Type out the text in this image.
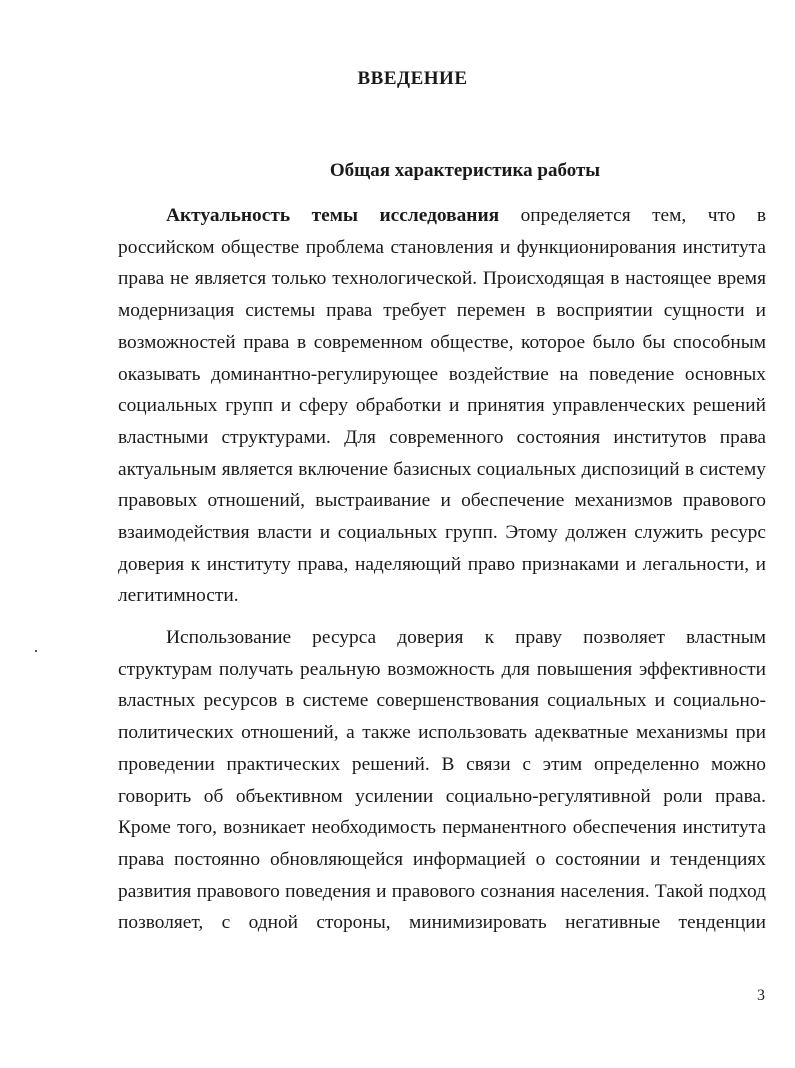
ВВЕДЕНИЕ
Общая характеристика работы
Актуальность темы исследования определяется тем, что в российском обществе проблема становления и функционирования института права не является только технологической. Происходящая в настоящее время модернизация системы права требует перемен в восприятии сущности и возможностей права в современном обществе, которое было бы способным оказывать доминантно-регулирующее воздействие на поведение основных социальных групп и сферу обработки и принятия управленческих решений властными структурами. Для современного состояния институтов права актуальным является включение базисных социальных диспозиций в систему правовых отношений, выстраивание и обеспечение механизмов правового взаимодействия власти и социальных групп. Этому должен служить ресурс доверия к институту права, наделяющий право признаками и легальности, и легитимности.
Использование ресурса доверия к праву позволяет властным структурам получать реальную возможность для повышения эффективности властных ресурсов в системе совершенствования социальных и социально-политических отношений, а также использовать адекватные механизмы при проведении практических решений. В связи с этим определенно можно говорить об объективном усилении социально-регулятивной роли права. Кроме того, возникает необходимость перманентного обеспечения института права постоянно обновляющейся информацией о состоянии и тенденциях развития правового поведения и правового сознания населения. Такой подход позволяет, с одной стороны, минимизировать негативные тенденции
3
